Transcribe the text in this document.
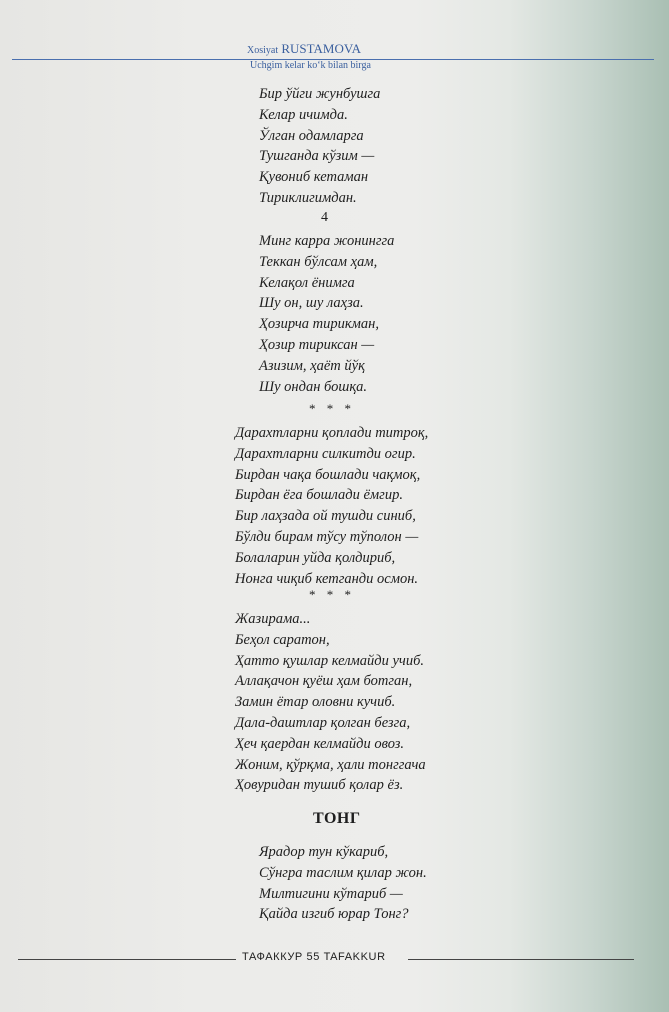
Xosiyat RUSTAMOVA
Uchgim kelar ko‘k bilan birga
Бир ўйги жунбушга
Келар ичимда.
Ўлган одамларга
Тушганда кўзим —
Қувониб кетаман
Тириклигимдан.
4
Минг карра жонингга
Теккан бўлсам ҳам,
Келақол ёнимга
Шу он, шу лаҳза.
Ҳозирча тирикман,
Ҳозир тириксан —
Азизим, ҳаёт йўқ
Шу ондан бошқа.
* * *
Дарахтларни қоплади титроқ,
Дарахтларни силкитди огир.
Бирдан чақа бошлади чақмоқ,
Бирдан ёга бошлади ёмгир.
Бир лаҳзада ой тушди синиб,
Бўлди бирам тўсу тўполон —
Болаларин уйда қолдириб,
Нонга чиқиб кетганди осмон.
* * *
Жазирама...
Беҳол саратон,
Ҳатто қушлар келмайди учиб.
Аллақачон қуёш ҳам ботган,
Замин ётар оловни кучиб.
Дала-даштлар қолган безга,
Ҳеч қаердан келмайди овоз.
Жоним, қўрқма, ҳали тонггача
Ҳовуридан тушиб қолар ёз.
ТОНГ
Ярадор тун кўкариб,
Сўнгра таслим қилар жон.
Милтигини кўтариб —
Қайда изгиб юрар Тонг?
ТАФАККУР 55 TAFAKKUR
